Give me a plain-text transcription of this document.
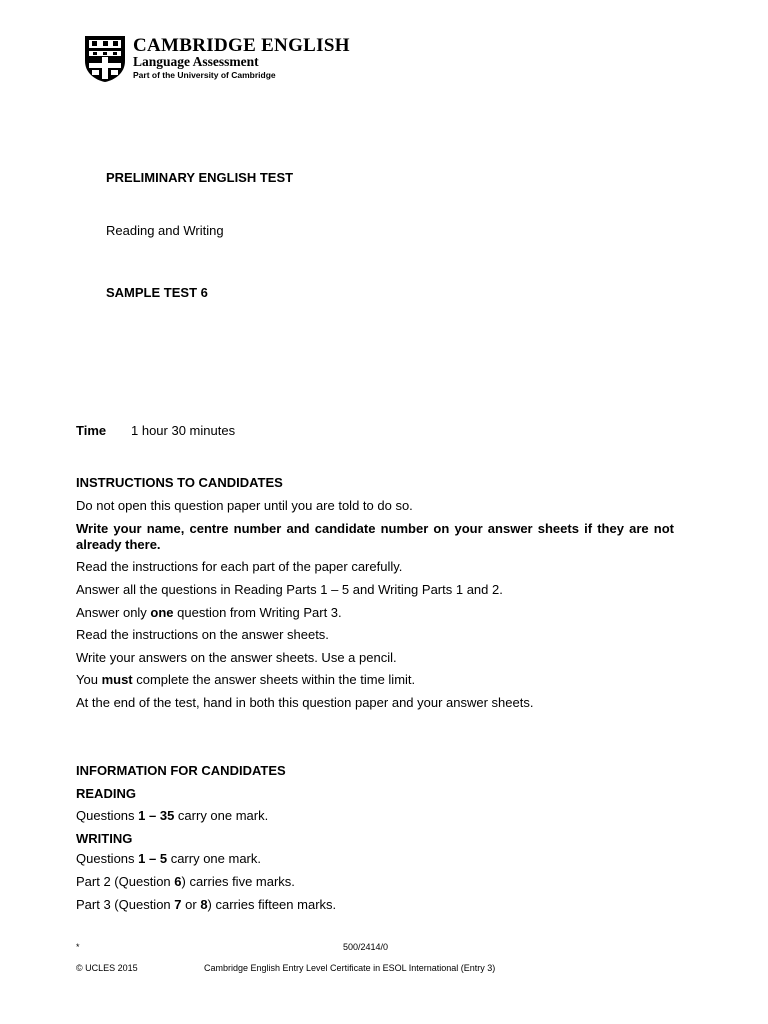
CAMBRIDGE ENGLISH
Language Assessment
Part of the University of Cambridge
PRELIMINARY ENGLISH TEST
Reading and Writing
SAMPLE TEST 6
Time 1 hour 30 minutes
INSTRUCTIONS TO CANDIDATES
Do not open this question paper until you are told to do so.
Write your name, centre number and candidate number on your answer sheets if they are not already there.
Read the instructions for each part of the paper carefully.
Answer all the questions in Reading Parts 1 – 5 and Writing Parts 1 and 2.
Answer only one question from Writing Part 3.
Read the instructions on the answer sheets.
Write your answers on the answer sheets. Use a pencil.
You must complete the answer sheets within the time limit.
At the end of the test, hand in both this question paper and your answer sheets.
INFORMATION FOR CANDIDATES
READING
Questions 1 – 35 carry one mark.
WRITING
Questions 1 – 5 carry one mark.
Part 2 (Question 6) carries five marks.
Part 3 (Question 7 or 8) carries fifteen marks.
*	500/2414/0
© UCLES 2015	Cambridge English Entry Level Certificate in ESOL International (Entry 3)
